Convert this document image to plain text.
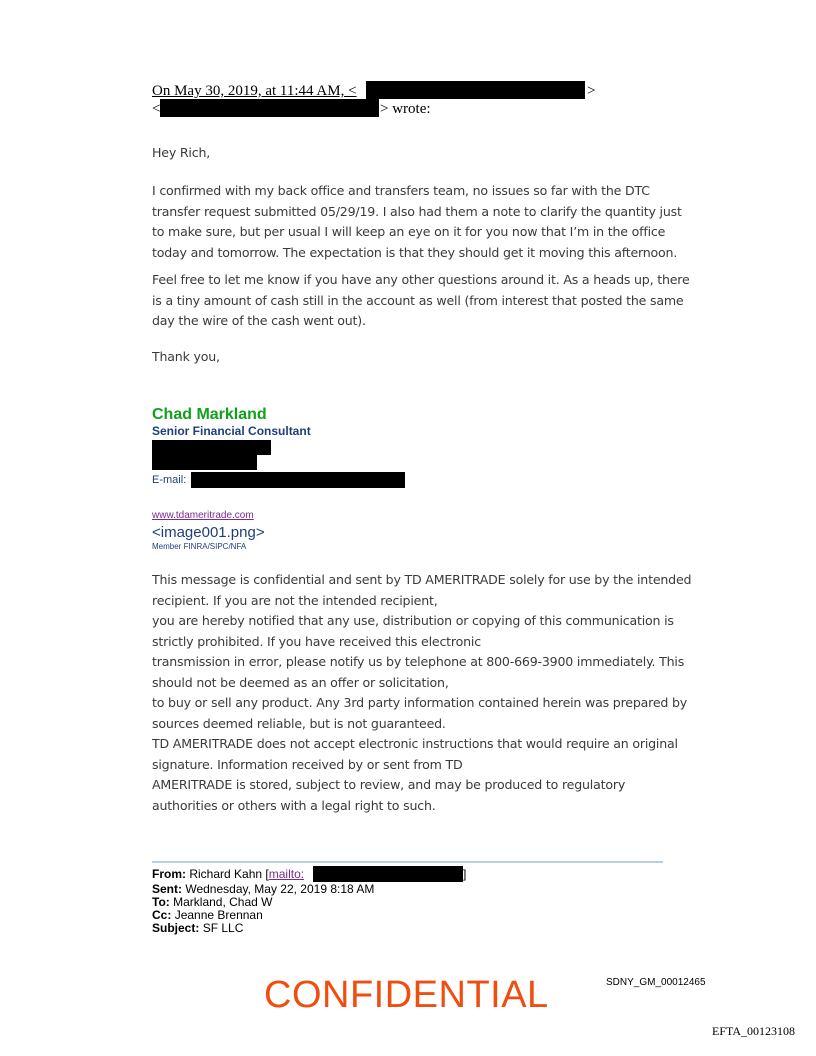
On May 30, 2019, at 11:44 AM, <	>
<	> wrote:

Hey Rich,

I confirmed with my back office and transfers team, no issues so far with the DTC
transfer request submitted 05/29/19. I also had them a note to clarify the quantity just
to make sure, but per usual I will keep an eye on it for you now that I’m in the office
today and tomorrow. The expectation is that they should get it moving this afternoon.

Feel free to let me know if you have any other questions around it. As a heads up, there
is a tiny amount of cash still in the account as well (from interest that posted the same
day the wire of the cash went out).

Thank you,

Chad Markland
Senior Financial Consultant
E-mail:
www.tdameritrade.com
<image001.png>
Member FINRA/SIPC/NFA

This message is confidential and sent by TD AMERITRADE solely for use by the intended
recipient. If you are not the intended recipient,
you are hereby notified that any use, distribution or copying of this communication is
strictly prohibited. If you have received this electronic
transmission in error, please notify us by telephone at 800-669-3900 immediately. This
should not be deemed as an offer or solicitation,
to buy or sell any product. Any 3rd party information contained herein was prepared by
sources deemed reliable, but is not guaranteed.
TD AMERITRADE does not accept electronic instructions that would require an original
signature. Information received by or sent from TD
AMERITRADE is stored, subject to review, and may be produced to regulatory
authorities or others with a legal right to such.

From: Richard Kahn [mailto:	]
Sent: Wednesday, May 22, 2019 8:18 AM
To: Markland, Chad W
Cc: Jeanne Brennan
Subject: SF LLC
CONFIDENTIAL	SDNY_GM_00012465
EFTA_00123108
